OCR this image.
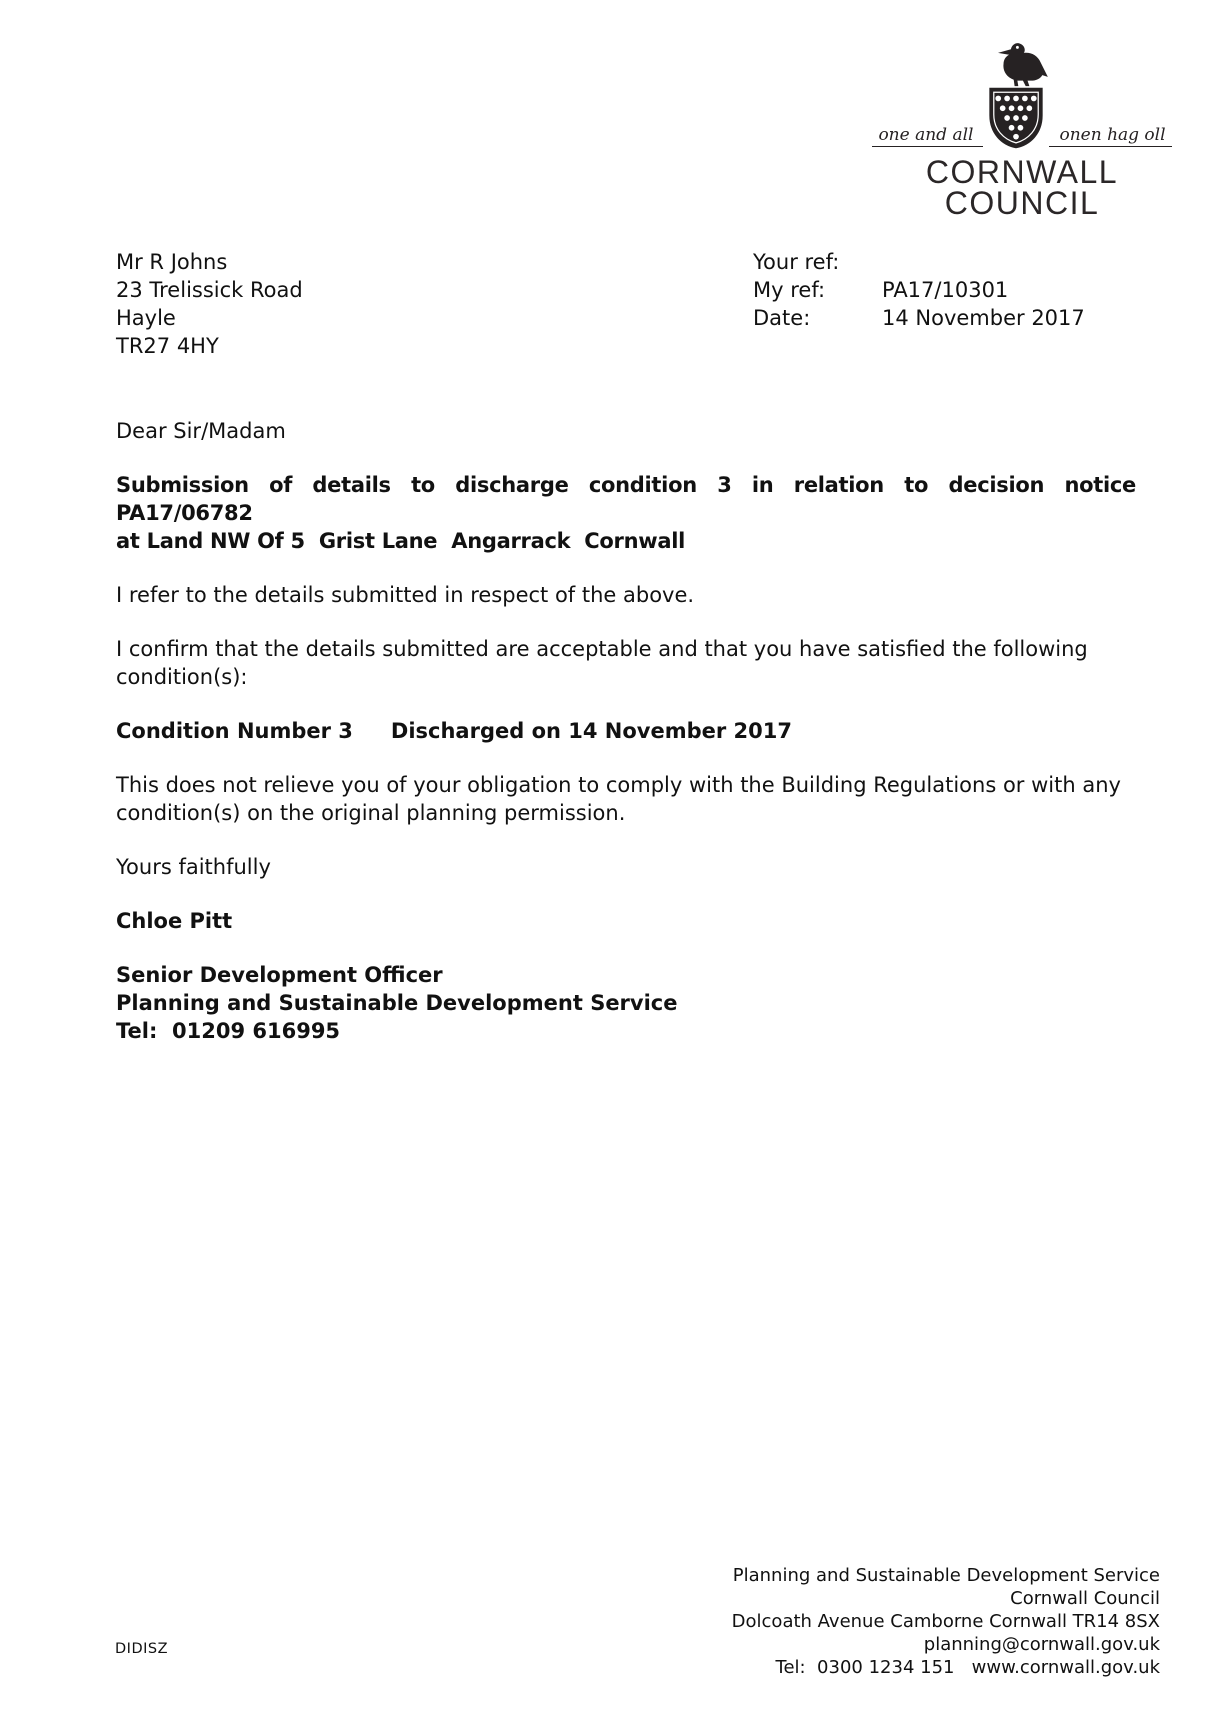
one and all	onen hag oll
CORNWALL
COUNCIL
Mr R Johns
23 Trelissick Road
Hayle
TR27 4HY
Your ref:
My ref:	PA17/10301
Date:	14 November 2017

Dear Sir/Madam

Submission of details to discharge condition 3 in relation to decision notice
PA17/06782
at Land NW Of 5  Grist Lane  Angarrack  Cornwall

I refer to the details submitted in respect of the above.

I confirm that the details submitted are acceptable and that you have satisfied the following condition(s):

Condition Number 3 Discharged on 14 November 2017

This does not relieve you of your obligation to comply with the Building Regulations or with any condition(s) on the original planning permission.

Yours faithfully

Chloe Pitt

Senior Development Officer
Planning and Sustainable Development Service
Tel:  01209 616995
DIDISZ
Planning and Sustainable Development Service
Cornwall Council
Dolcoath Avenue Camborne Cornwall TR14 8SX
planning@cornwall.gov.uk
Tel:  0300 1234 151   www.cornwall.gov.uk
